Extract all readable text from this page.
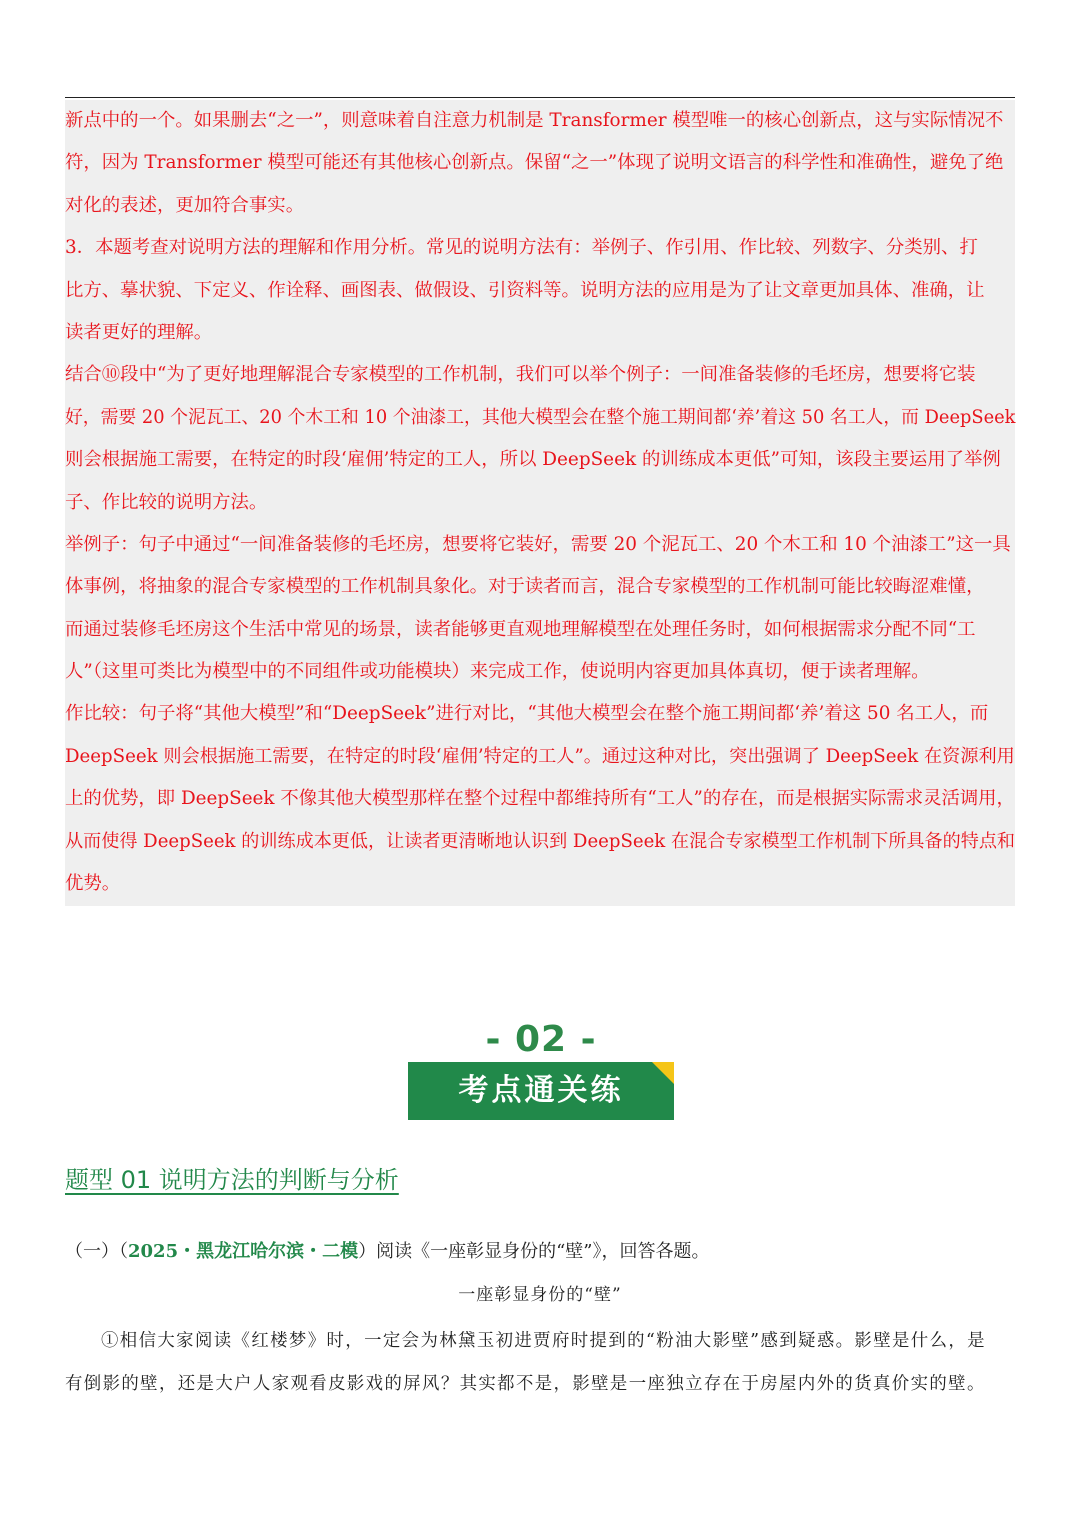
新点中的一个。如果删去“之一”，则意味着自注意力机制是 Transformer 模型唯一的核心创新点，这与实际情况不
符，因为 Transformer 模型可能还有其他核心创新点。保留“之一”体现了说明文语言的科学性和准确性，避免了绝
对化的表述，更加符合事实。
3．本题考查对说明方法的理解和作用分析。常见的说明方法有：举例子、作引用、作比较、列数字、分类别、打
比方、摹状貌、下定义、作诠释、画图表、做假设、引资料等。说明方法的应用是为了让文章更加具体、准确，让
读者更好的理解。
结合⑩段中“为了更好地理解混合专家模型的工作机制，我们可以举个例子：一间准备装修的毛坯房，想要将它装
好，需要 20 个泥瓦工、20 个木工和 10 个油漆工，其他大模型会在整个施工期间都‘养’着这 50 名工人，而 DeepSeek
则会根据施工需要，在特定的时段‘雇佣’特定的工人，所以 DeepSeek 的训练成本更低”可知，该段主要运用了举例
子、作比较的说明方法。
举例子：句子中通过“一间准备装修的毛坯房，想要将它装好，需要 20 个泥瓦工、20 个木工和 10 个油漆工”这一具
体事例，将抽象的混合专家模型的工作机制具象化。对于读者而言，混合专家模型的工作机制可能比较晦涩难懂，
而通过装修毛坯房这个生活中常见的场景，读者能够更直观地理解模型在处理任务时，如何根据需求分配不同“工
人”（这里可类比为模型中的不同组件或功能模块）来完成工作，使说明内容更加具体真切，便于读者理解。
作比较：句子将“其他大模型”和“DeepSeek”进行对比，“其他大模型会在整个施工期间都‘养’着这 50 名工人，而
DeepSeek 则会根据施工需要，在特定的时段‘雇佣’特定的工人”。通过这种对比，突出强调了 DeepSeek 在资源利用
上的优势，即 DeepSeek 不像其他大模型那样在整个过程中都维持所有“工人”的存在，而是根据实际需求灵活调用，
从而使得 DeepSeek 的训练成本更低，让读者更清晰地认识到 DeepSeek 在混合专家模型工作机制下所具备的特点和
优势。
- 02 -
考点通关练
题型 01 说明方法的判断与分析
（一）（2025・黑龙江哈尔滨・二模）阅读《一座彰显身份的“壁”》，回答各题。
一座彰显身份的“壁”
①相信大家阅读《红楼梦》时，一定会为林黛玉初进贾府时提到的“粉油大影壁”感到疑惑。影壁是什么，是
有倒影的壁，还是大户人家观看皮影戏的屏风？其实都不是，影壁是一座独立存在于房屋内外的货真价实的壁。
